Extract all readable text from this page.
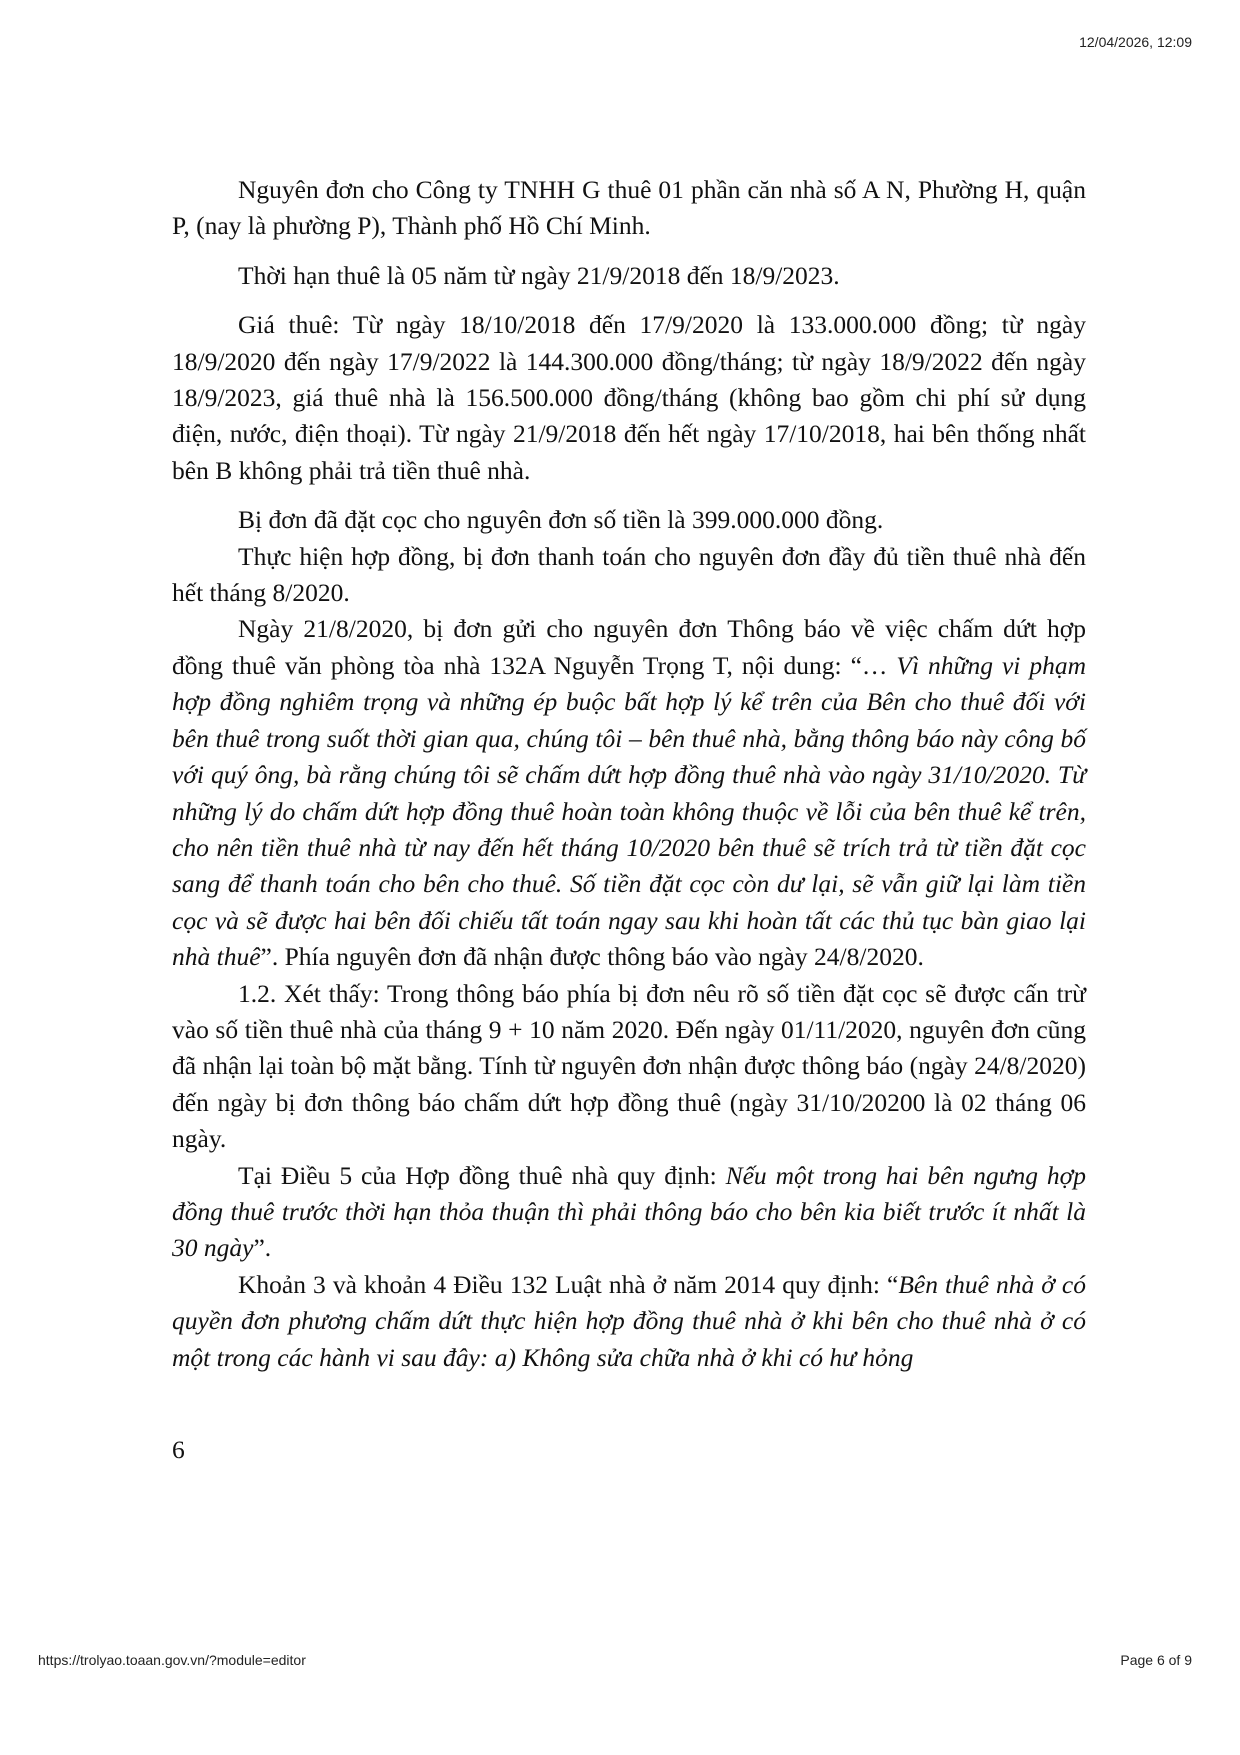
12/04/2026, 12:09

Nguyên đơn cho Công ty TNHH G thuê 01 phần căn nhà số A N, Phường H, quận P, (nay là phường P), Thành phố Hồ Chí Minh.

Thời hạn thuê là 05 năm từ ngày 21/9/2018 đến 18/9/2023.

Giá thuê: Từ ngày 18/10/2018 đến 17/9/2020 là 133.000.000 đồng; từ ngày 18/9/2020 đến ngày 17/9/2022 là 144.300.000 đồng/tháng; từ ngày 18/9/2022 đến ngày 18/9/2023, giá thuê nhà là 156.500.000 đồng/tháng (không bao gồm chi phí sử dụng điện, nước, điện thoại). Từ ngày 21/9/2018 đến hết ngày 17/10/2018, hai bên thống nhất bên B không phải trả tiền thuê nhà.

Bị đơn đã đặt cọc cho nguyên đơn số tiền là 399.000.000 đồng.

Thực hiện hợp đồng, bị đơn thanh toán cho nguyên đơn đầy đủ tiền thuê nhà đến hết tháng 8/2020.

Ngày 21/8/2020, bị đơn gửi cho nguyên đơn Thông báo về việc chấm dứt hợp đồng thuê văn phòng tòa nhà 132A Nguyễn Trọng T, nội dung: “… Vì những vi phạm hợp đồng nghiêm trọng và những ép buộc bất hợp lý kể trên của Bên cho thuê đối với bên thuê trong suốt thời gian qua, chúng tôi – bên thuê nhà, bằng thông báo này công bố với quý ông, bà rằng chúng tôi sẽ chấm dứt hợp đồng thuê nhà vào ngày 31/10/2020. Từ những lý do chấm dứt hợp đồng thuê hoàn toàn không thuộc về lỗi của bên thuê kể trên, cho nên tiền thuê nhà từ nay đến hết tháng 10/2020 bên thuê sẽ trích trả từ tiền đặt cọc sang để thanh toán cho bên cho thuê. Số tiền đặt cọc còn dư lại, sẽ vẫn giữ lại làm tiền cọc và sẽ được hai bên đối chiếu tất toán ngay sau khi hoàn tất các thủ tục bàn giao lại nhà thuê”. Phía nguyên đơn đã nhận được thông báo vào ngày 24/8/2020.

1.2. Xét thấy: Trong thông báo phía bị đơn nêu rõ số tiền đặt cọc sẽ được cấn trừ vào số tiền thuê nhà của tháng 9 + 10 năm 2020. Đến ngày 01/11/2020, nguyên đơn cũng đã nhận lại toàn bộ mặt bằng. Tính từ nguyên đơn nhận được thông báo (ngày 24/8/2020) đến ngày bị đơn thông báo chấm dứt hợp đồng thuê (ngày 31/10/20200 là 02 tháng 06 ngày.

Tại Điều 5 của Hợp đồng thuê nhà quy định: Nếu một trong hai bên ngưng hợp đồng thuê trước thời hạn thỏa thuận thì phải thông báo cho bên kia biết trước ít nhất là 30 ngày”.

Khoản 3 và khoản 4 Điều 132 Luật nhà ở năm 2014 quy định: “Bên thuê nhà ở có quyền đơn phương chấm dứt thực hiện hợp đồng thuê nhà ở khi bên cho thuê nhà ở có một trong các hành vi sau đây: a) Không sửa chữa nhà ở khi có hư hỏng

6
https://trolyao.toaan.gov.vn/?module=editor	Page 6 of 9
